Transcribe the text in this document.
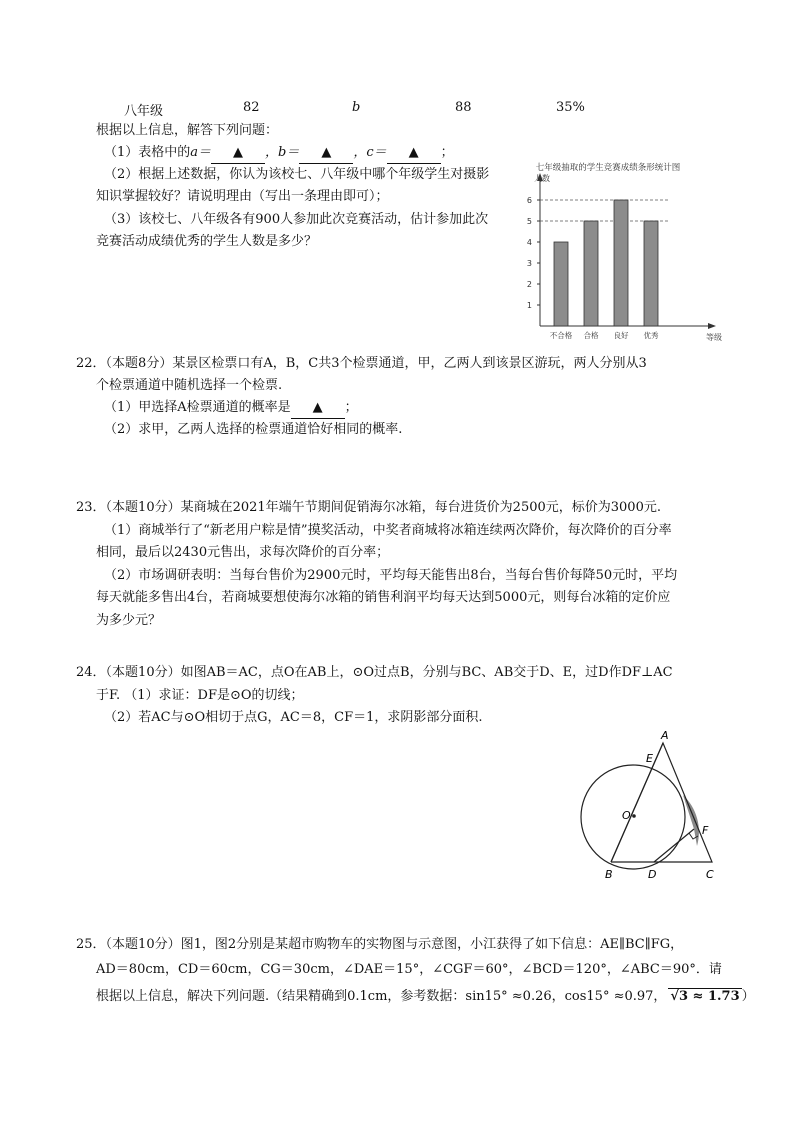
八年级	82	b	88	35%
根据以上信息，解答下列问题：
（1）表格中的a＝ ▲ ，b＝ ▲ ，c＝ ▲ ；
（2）根据上述数据，你认为该校七、八年级中哪个年级学生对摄影
知识掌握较好？请说明理由（写出一条理由即可）；
（3）该校七、八年级各有900人参加此次竞赛活动，估计参加此次
竞赛活动成绩优秀的学生人数是多少？
七年级抽取的学生竞赛成绩条形统计图
人数
等级
1
2
3
4
5
6
不合格 合格 良好 优秀
22．（本题8分）某景区检票口有A，B，C共3个检票通道，甲，乙两人到该景区游玩，两人分别从3
个检票通道中随机选择一个检票.
（1）甲选择A检票通道的概率是 ▲ ；
（2）求甲，乙两人选择的检票通道恰好相同的概率.
23．（本题10分）某商城在2021年端午节期间促销海尔冰箱，每台进货价为2500元，标价为3000元.
（1）商城举行了“新老用户粽是情”摸奖活动，中奖者商城将冰箱连续两次降价，每次降价的百分率
相同，最后以2430元售出，求每次降价的百分率；
（2）市场调研表明：当每台售价为2900元时，平均每天能售出8台，当每台售价每降50元时，平均
每天就能多售出4台，若商城要想使海尔冰箱的销售利润平均每天达到5000元，则每台冰箱的定价应
为多少元？
24．（本题10分）如图AB＝AC，点O在AB上，⊙O过点B，分别与BC、AB交于D、E，过D作DF⊥AC
于F. （1）求证：DF是⊙O的切线；
（2）若AC与⊙O相切于点G，AC＝8，CF＝1，求阴影部分面积.
A
E
O
F
B	D	C
25．（本题10分）图1，图2分别是某超市购物车的实物图与示意图，小江获得了如下信息：AE∥BC∥FG，
AD＝80cm，CD＝60cm，CG＝30cm，∠DAE＝15°，∠CGF＝60°，∠BCD＝120°，∠ABC＝90°．请
根据以上信息，解决下列问题.（结果精确到0.1cm，参考数据：sin15° ≈0.26，cos15° ≈0.97， √3 ≈ 1.73 ）
